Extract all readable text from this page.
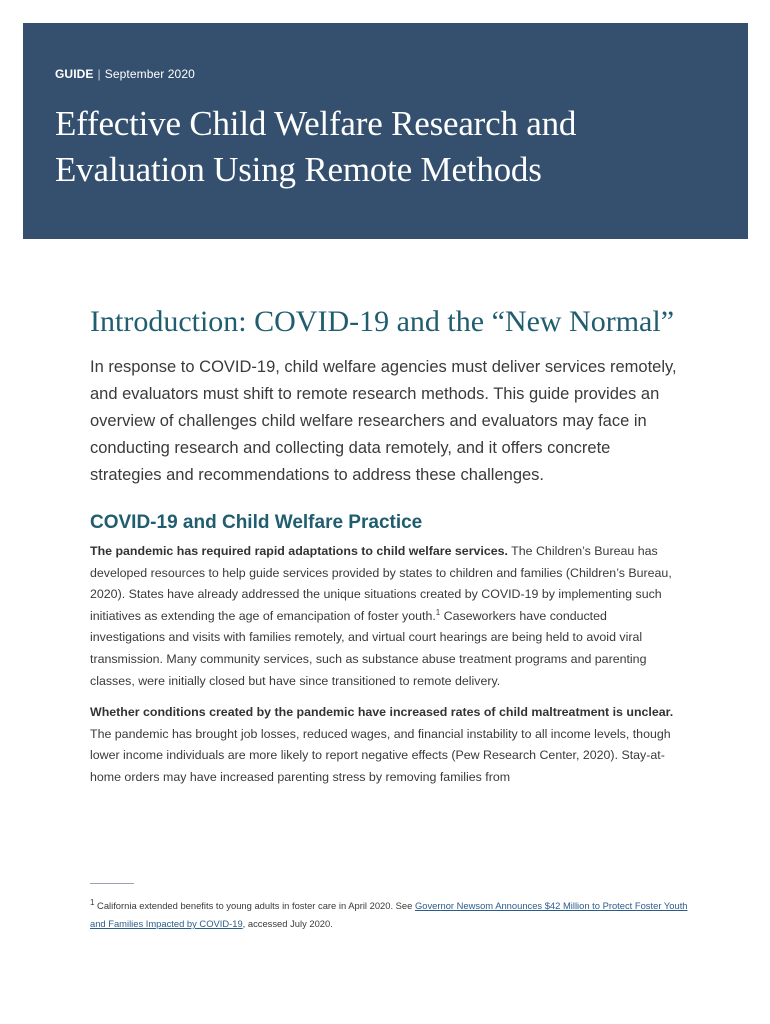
GUIDE | September 2020
Effective Child Welfare Research and
Evaluation Using Remote Methods
Introduction: COVID-19 and the “New Normal”

In response to COVID-19, child welfare agencies must deliver services remotely, and evaluators must shift to remote research methods. This guide provides an overview of challenges child welfare researchers and evaluators may face in conducting research and collecting data remotely, and it offers concrete strategies and recommendations to address these challenges.

COVID-19 and Child Welfare Practice

The pandemic has required rapid adaptations to child welfare services. The Children’s Bureau has developed resources to help guide services provided by states to children and families (Children’s Bureau, 2020). States have already addressed the unique situations created by COVID-19 by implementing such initiatives as extending the age of emancipation of foster youth.$^1$ Caseworkers have conducted investigations and visits with families remotely, and virtual court hearings are being held to avoid viral transmission. Many community services, such as substance abuse treatment programs and parenting classes, were initially closed but have since transitioned to remote delivery.

Whether conditions created by the pandemic have increased rates of child maltreatment is unclear. The pandemic has brought job losses, reduced wages, and financial instability to all income levels, though lower income individuals are more likely to report negative effects (Pew Research Center, 2020). Stay-at-home orders may have increased parenting stress by removing families from

$^1$ California extended benefits to young adults in foster care in April 2020. See Governor Newsom Announces $42 Million to Protect Foster Youth and Families Impacted by COVID-19, accessed July 2020.
